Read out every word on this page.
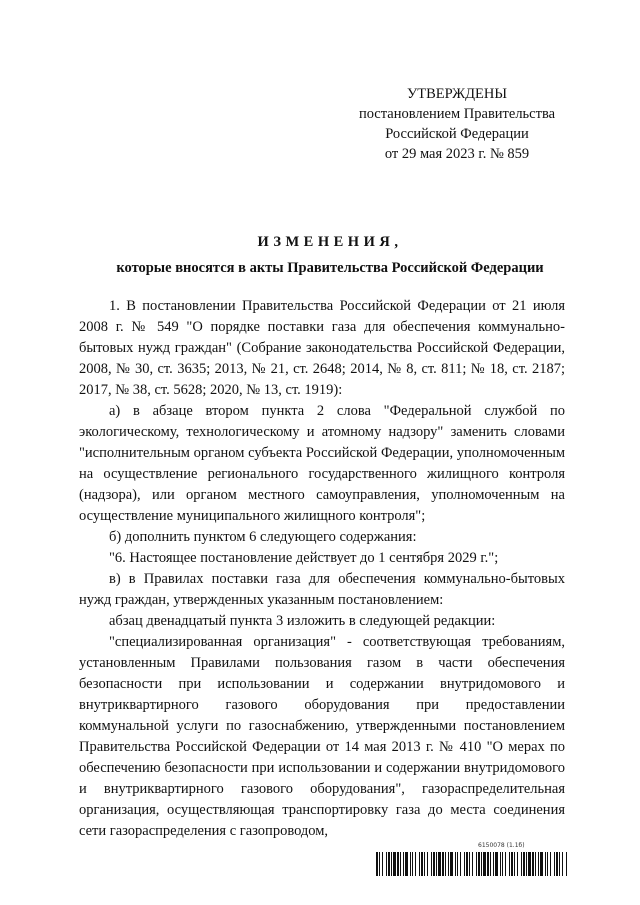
УТВЕРЖДЕНЫ
постановлением Правительства
Российской Федерации
от 29 мая 2023 г. № 859
ИЗМЕНЕНИЯ,
которые вносятся в акты Правительства Российской Федерации

1. В постановлении Правительства Российской Федерации от 21 июля 2008 г. № 549 "О порядке поставки газа для обеспечения коммунально-бытовых нужд граждан" (Собрание законодательства Российской Федерации, 2008, № 30, ст. 3635; 2013, № 21, ст. 2648; 2014, № 8, ст. 811; № 18, ст. 2187; 2017, № 38, ст. 5628; 2020, № 13, ст. 1919):

а) в абзаце втором пункта 2 слова "Федеральной службой по экологическому, технологическому и атомному надзору" заменить словами "исполнительным органом субъекта Российской Федерации, уполномоченным на осуществление регионального государственного жилищного контроля (надзора), или органом местного самоуправления, уполномоченным на осуществление муниципального жилищного контроля";

б) дополнить пунктом 6 следующего содержания:

"6. Настоящее постановление действует до 1 сентября 2029 г.";

в) в Правилах поставки газа для обеспечения коммунально-бытовых нужд граждан, утвержденных указанным постановлением:

абзац двенадцатый пункта 3 изложить в следующей редакции:

"специализированная организация" - соответствующая требованиям, установленным Правилами пользования газом в части обеспечения безопасности при использовании и содержании внутридомового и внутриквартирного газового оборудования при предоставлении коммунальной услуги по газоснабжению, утвержденными постановлением Правительства Российской Федерации от 14 мая 2013 г. № 410 "О мерах по обеспечению безопасности при использовании и содержании внутридомового и внутриквартирного газового оборудования", газораспределительная организация, осуществляющая транспортировку газа до места соединения сети газораспределения с газопроводом,

6150078 (1.1б)
